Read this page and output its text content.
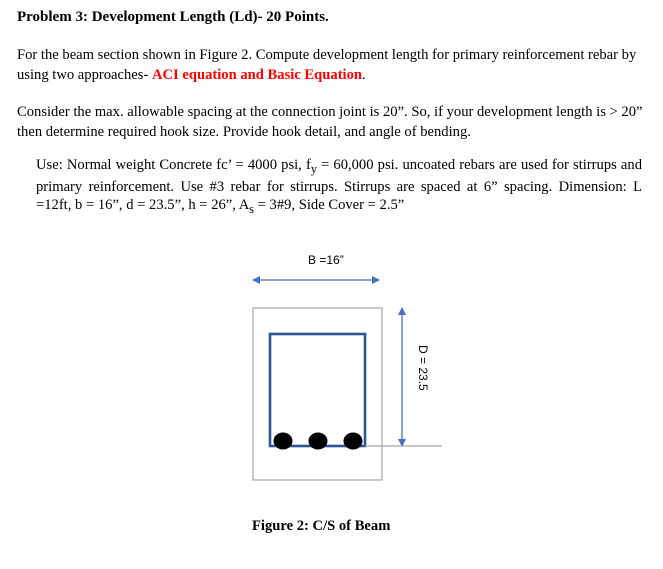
Problem 3: Development Length (Ld)- 20 Points.
For the beam section shown in Figure 2. Compute development length for primary reinforcement rebar by using two approaches- ACI equation and Basic Equation.
Consider the max. allowable spacing at the connection joint is 20”. So, if your development length is > 20” then determine required hook size. Provide hook detail, and angle of bending.
Use: Normal weight Concrete fc’ = 4000 psi, $f_y = 60,000$ psi. uncoated rebars are used for stirrups and primary reinforcement. Use #3 rebar for stirrups. Stirrups are spaced at 6” spacing. Dimension: L =12ft, b = 16”, d = 23.5”, h = 26”, $A_s$ = 3#9, Side Cover = 2.5”
B =16”
D = 23.5
Figure 2: C/S of Beam
